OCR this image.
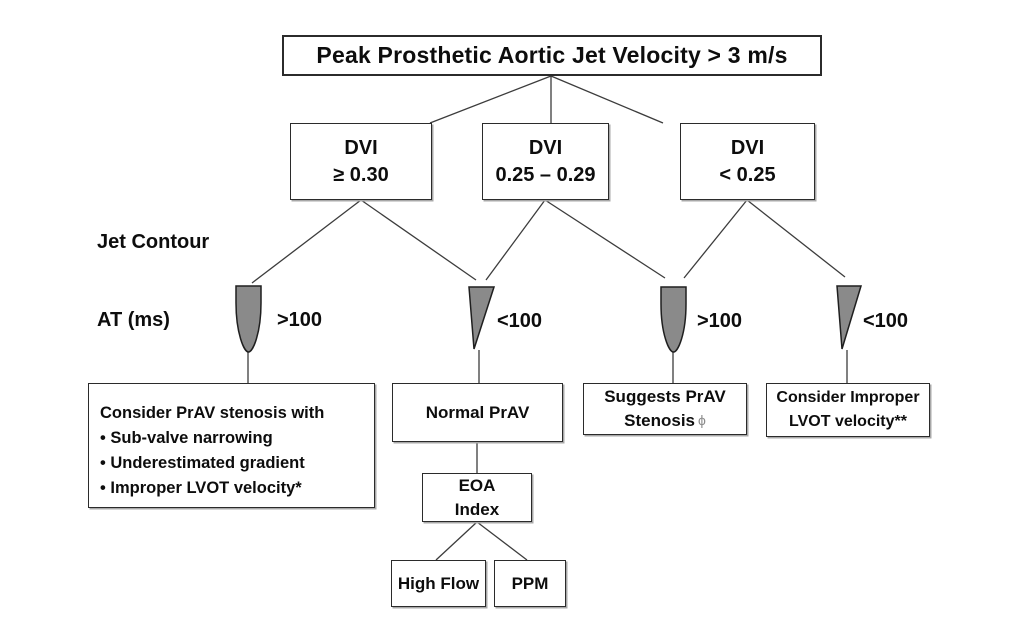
Peak Prosthetic Aortic Jet Velocity > 3 m/s
DVI
≥ 0.30
DVI
0.25 – 0.29
DVI
< 0.25
Jet Contour
AT (ms)	>100	<100	>100	<100
Consider PrAV stenosis with
• Sub-valve narrowing
• Underestimated gradient
• Improper LVOT velocity*
Normal PrAV
Suggests PrAV
Stenosis ϕ
Consider Improper
LVOT velocity**
EOA
Index
High Flow PPM
